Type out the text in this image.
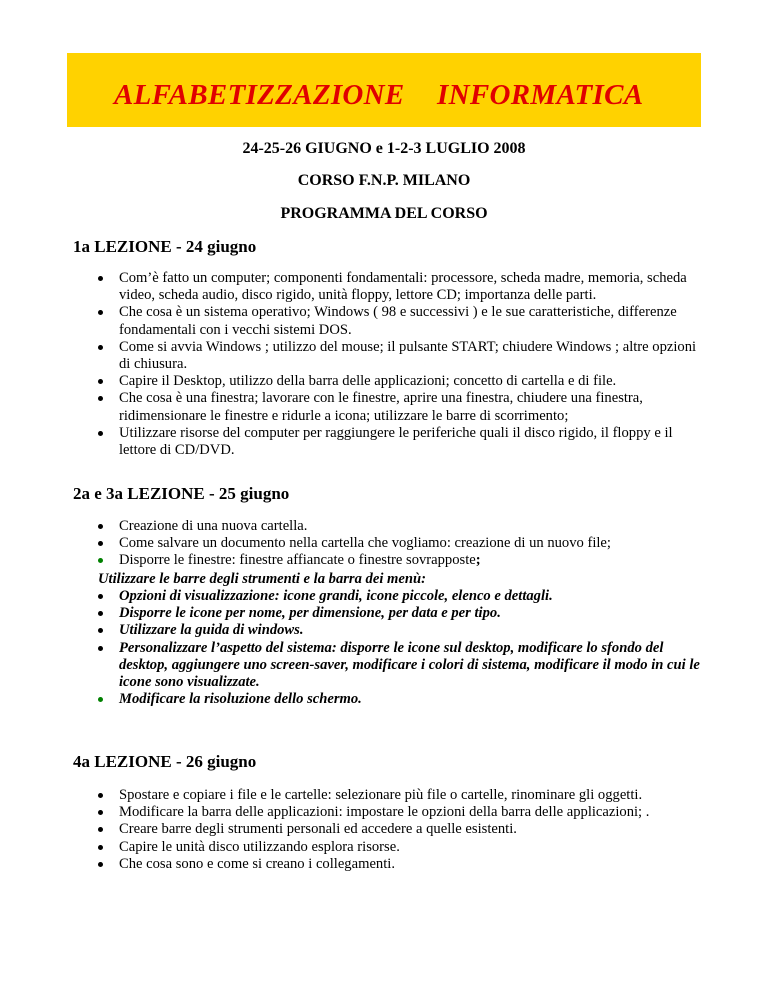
ALFABETIZZAZIONE INFORMATICA
24-25-26 GIUGNO e 1-2-3 LUGLIO 2008
CORSO F.N.P. MILANO
PROGRAMMA DEL CORSO
1a LEZIONE - 24 giugno
Com’è fatto un computer; componenti fondamentali: processore, scheda madre, memoria, scheda video, scheda audio, disco rigido, unità floppy, lettore CD; importanza delle parti.
Che cosa è un sistema operativo; Windows ( 98 e successivi ) e le sue caratteristiche, differenze fondamentali con i vecchi sistemi DOS.
Come si avvia Windows ; utilizzo del mouse; il pulsante START; chiudere Windows ; altre opzioni di chiusura.
Capire il Desktop, utilizzo della barra delle applicazioni; concetto di cartella e di file.
Che cosa è una finestra; lavorare con le finestre, aprire una finestra, chiudere una finestra, ridimensionare le finestre e ridurle a icona; utilizzare le barre di scorrimento;
Utilizzare risorse del computer per raggiungere le periferiche quali il disco rigido, il floppy e il lettore di CD/DVD.
2a e 3a LEZIONE - 25 giugno
Creazione di una nuova cartella.
Come salvare un documento nella cartella che vogliamo: creazione di un nuovo file;
Disporre le finestre: finestre affiancate o finestre sovrapposte;
Utilizzare le barre degli strumenti e la barra dei menù:
Opzioni di visualizzazione: icone grandi, icone piccole, elenco e dettagli.
Disporre le icone per nome, per dimensione, per data e per tipo.
Utilizzare la guida di windows.
Personalizzare l’aspetto del sistema: disporre le icone sul desktop, modificare lo sfondo del desktop, aggiungere uno screen-saver, modificare i colori di sistema, modificare il modo in cui le icone sono visualizzate.
Modificare la risoluzione dello schermo.
4a LEZIONE - 26 giugno
Spostare e copiare i file e le cartelle: selezionare più file o cartelle, rinominare gli oggetti.
Modificare la barra delle applicazioni: impostare le opzioni della barra delle applicazioni; .
Creare barre degli strumenti personali ed accedere a quelle esistenti.
Capire le unità disco utilizzando esplora risorse.
Che cosa sono e come si creano i collegamenti.
